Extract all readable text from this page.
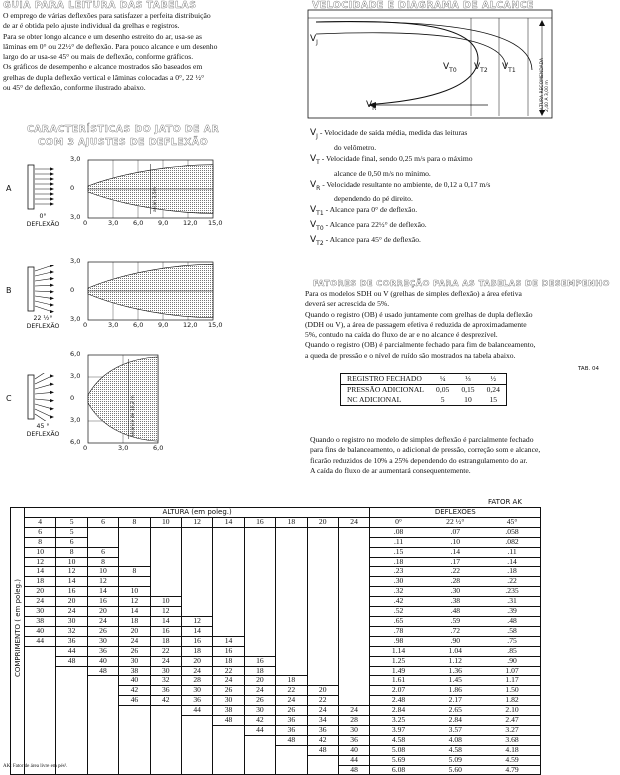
GUIA PARA LEITURA DAS TABELAS

O emprego de várias deflexões para satisfazer a perfeita distribuição

de ar é obtida pelo ajuste individual da grelhas e registros.

Para se obter longo alcance e um desenho estreito do ar, usa-se as

lâminas em 0° ou 22½° de deflexão. Para pouco alcance e um desenho

largo do ar usa-se 45° ou mais de deflexão, conforme gráficos.

Os gráficos de desempenho e alcance mostrados são baseados em

grelhas de dupla deflexão vertical e lâminas colocadas a 0°, 22 ½°

ou 45° de deflexão, conforme ilustrado abaixo.

CARACTERÍSTICAS DO JATO DE AR
COM 3 AJUSTES DE DEFLEXÃO
A
0°
DEFLEXÃO
alcan 3,5m
3,0
0
3,0
0	3,0 6,0 9,0 12,0 15,0
B
22 ½°
DEFLEXÃO
3,0
0
3,0
0	3,0 6,0 9,0 12,0 15,0
C
45 °
DEFLEXÃO	alcance de 10,2 m
6,0
3,0
0
3,0
6,0
0	3,0	6,0
VELOCIDADE E DIAGRAMA DE ALCANCE
$V_J$
$V_{T0}$ $V_{T2}$ $V_{T1}$
$V_R$	ALTURA RECOMENDADA 2,40 A 3,00 m
$V_J$ - Velocidade de saída média, medida das leituras
do velômetro.
$V_T$ - Velocidade final, sendo 0,25 m/s para o máximo
alcance de 0,50 m/s no mínimo.
$V_R$ - Velocidade resultante no ambiente, de 0,12 a 0,17 m/s
dependendo do pé direito.
$V_{T1}$ - Alcance para 0° de deflexão.
$V_{T0}$ - Alcance para 22½° de deflexão.
$V_{T2}$ - Alcance para 45° de deflexão.
FATORES DE CORREÇÃO PARA AS TABELAS DE DESEMPENHO

Para os modelos SDH ou V (grelhas de simples deflexão) a área efetiva

deverá ser acrescida de 5%.

Quando o registro (OB) é usado juntamente com grelhas de dupla deflexão

(DDH ou V), a área de passagem efetiva é reduzida de aproximadamente

5%, contudo na caída do fluxo de ar e no alcance é desprezível.

Quando o registro (OB) é parcialmente fechado para fim de balanceamento,

a queda de pressão e o nível de ruído são mostrados na tabela abaixo.

TAB. 04
REGISTRO FECHADO	¼	⅓	½
PRESSÃO ADICIONAL	0,05	0,15	0,24
NC ADICIONAL	5	10	15

Quando o registro no modelo de simples deflexão é parcialmente fechado

para fins de balanceamento, o adicional de pressão, correção som e alcance,

ficarão reduzidos de 10% a 25% dependendo do estrangulamento do ar.

A caída do fluxo de ar aumentará consequentemente.

FATOR AK
	ALTURA (em poleg.)											DEFLEXÕES		
	4	5	6	8	10	12	14	16	18	20	24	0°	22 ½°	45°

COMPRIMENTO ( em poleg.)	6	5										.08	.07	.058
	8	6										.11	.10	.082
	10	8	6									.15	.14	.11
	12	10	8									.18	.17	.14
	14	12	10	8								.23	.22	.18
	18	14	12									.30	.28	.22
	20	16	14	10								.32	.30	.235
	24	20	16	12	10							.42	.38	.31
	30	24	20	14	12							.52	.48	.39
	38	30	24	18	14	12						.65	.59	.48
	40	32	26	20	16	14						.78	.72	.58
	44	36	30	24	18	16	14					.98	.90	.75
		44	36	26	22	18	16					1.14	1.04	.85
		48	40	30	24	20	18	16				1.25	1.12	.90
			48	38	30	24	22	18				1.49	1.36	1.07
				40	32	28	24	20	18			1.61	1.45	1.17
				42	36	30	26	24	22	20		2.07	1.86	1.50
				46	42	36	30	26	24	22		2.48	2.17	1.82
						44	38	30	26	24	24	2.84	2.65	2.10
							48	42	36	34	28	3.25	2.84	2.47
								44	36	36	30	3.97	3.57	3.27
									48	42	36	4.58	4.08	3.68
										48	40	5.08	4.58	4.18
											44	5.69	5.09	4.59
											48	6.08	5.60	4.79
AK: Fator de área livre em pés².
